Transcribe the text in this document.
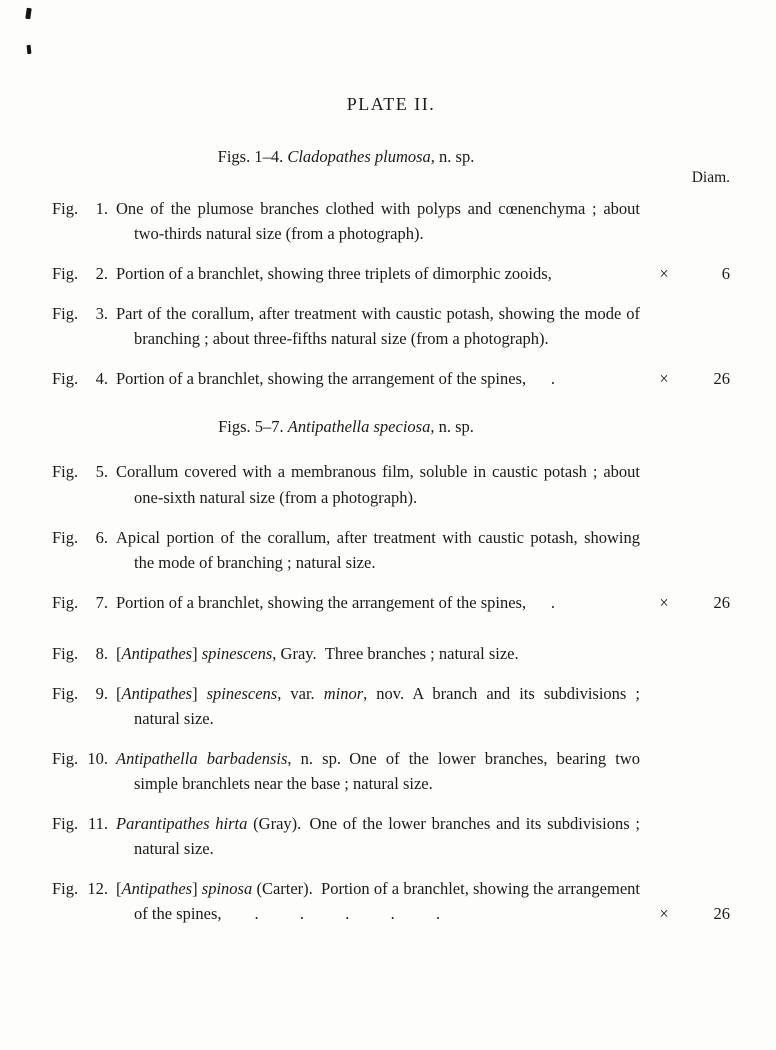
PLATE II.
Figs. 1–4. Cladopathes plumosa, n. sp.
Diam.
Fig.	1. One of the plumose branches clothed with polyps and cœnenchyma ; about two-thirds natural size (from a photograph).

Fig.	2. Portion of a branchlet, showing three triplets of dimorphic zooids,	×	6
Fig.	3. Part of the corallum, after treatment with caustic potash, showing the mode of branching ; about three-fifths natural size (from a photograph).

Fig.	4. Portion of a branchlet, showing the arrangement of the spines,  .	×	26
Figs. 5–7. Antipathella speciosa, n. sp.
Fig.	5. Corallum covered with a membranous film, soluble in caustic potash ; about one-sixth natural size (from a photograph).

Fig.	6. Apical portion of the corallum, after treatment with caustic potash, showing the mode of branching ; natural size.

Fig.	7. Portion of a branchlet, showing the arrangement of the spines,  .	×	26
Fig.	8. [Antipathes] spinescens, Gray. Three branches ; natural size.

Fig.	9. [Antipathes] spinescens, var. minor, nov. A branch and its subdivisions ; natural size.

Fig. 10. Antipathella barbadensis, n. sp. One of the lower branches, bearing two simple branchlets near the base ; natural size.

Fig. 11. Parantipathes hirta (Gray). One of the lower branches and its subdivisions ; natural size.

Fig. 12. [Antipathes] spinosa (Carter). Portion of a branchlet, showing the arrangement of the spines,  .   .   .   .   .	×	26
